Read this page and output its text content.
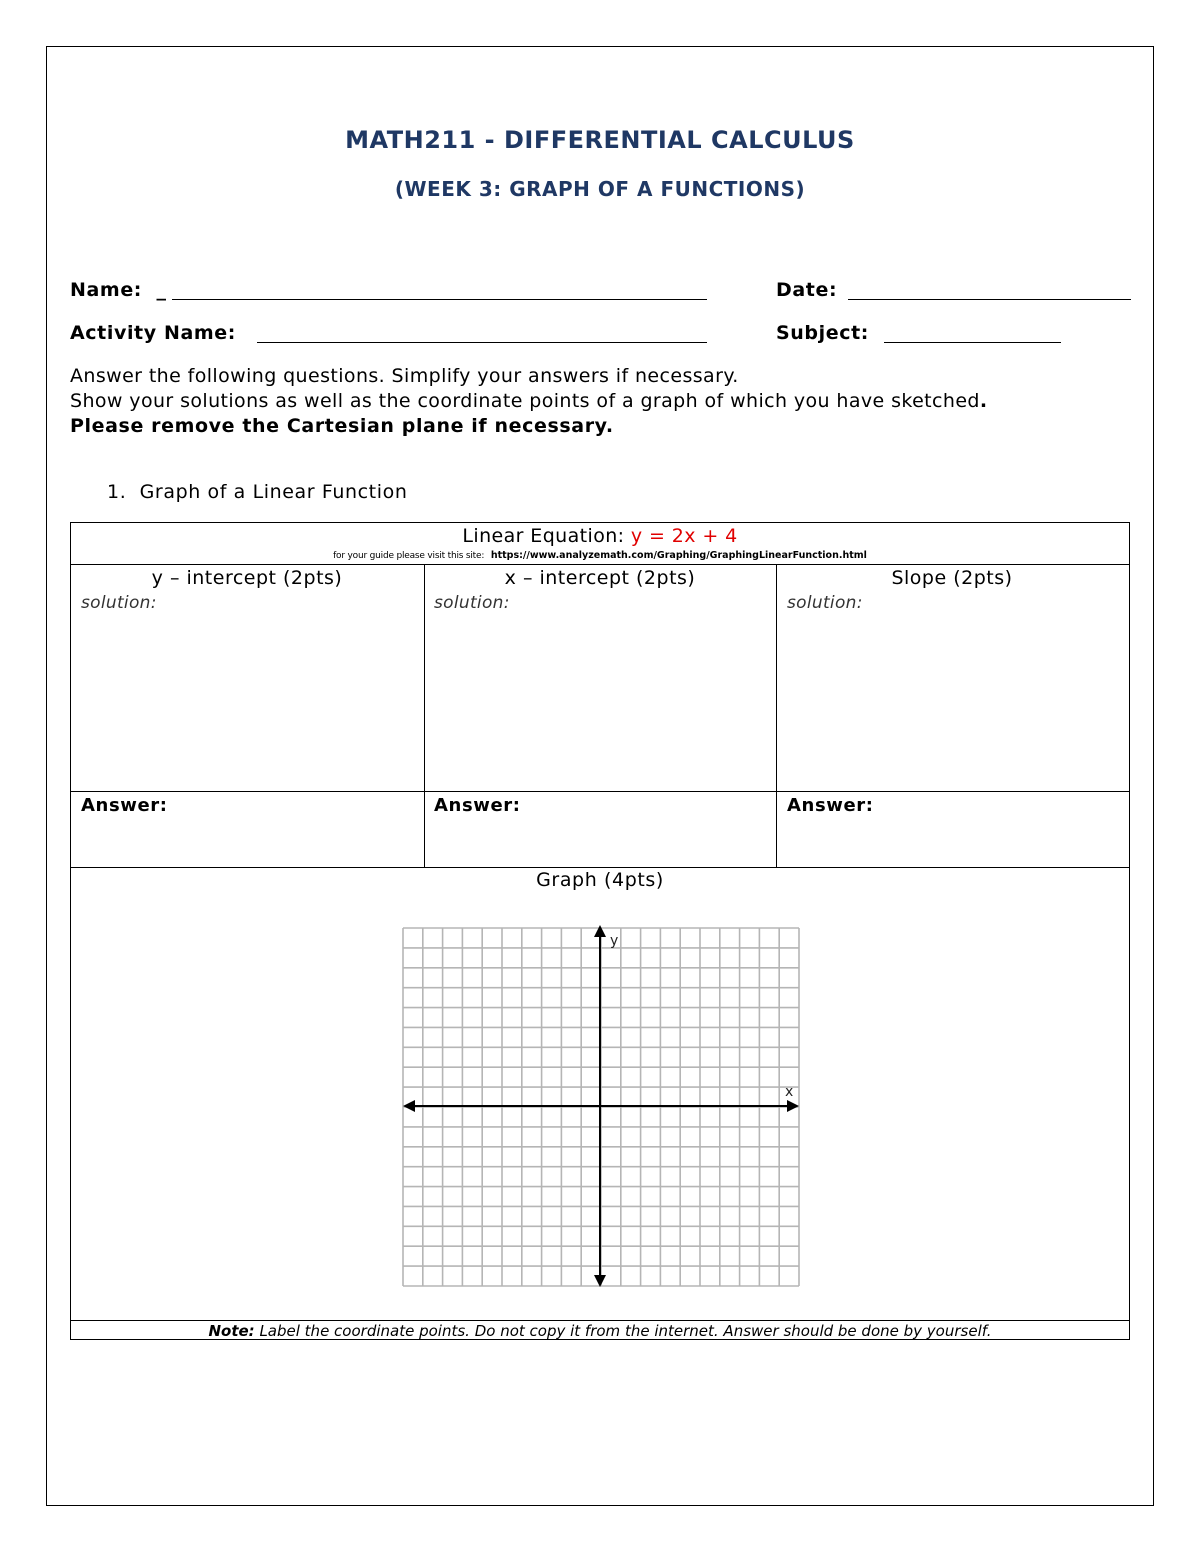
MATH211 - DIFFERENTIAL CALCULUS
(WEEK 3: GRAPH OF A FUNCTIONS)
Name: _	Date:
Activity Name:	Subject:
Answer the following questions. Simplify your answers if necessary.
Show your solutions as well as the coordinate points of a graph of which you have sketched.
Please remove the Cartesian plane if necessary.
1. Graph of a Linear Function
Linear Equation: y = 2x + 4
for your guide please visit this site: https://www.analyzemath.com/Graphing/GraphingLinearFunction.html
y – intercept (2pts)	x – intercept (2pts)	Slope (2pts)
solution:	solution:	solution:
Answer:	Answer:	Answer:
Graph (4pts)
x
y
Note: Label the coordinate points. Do not copy it from the internet. Answer should be done by yourself.
